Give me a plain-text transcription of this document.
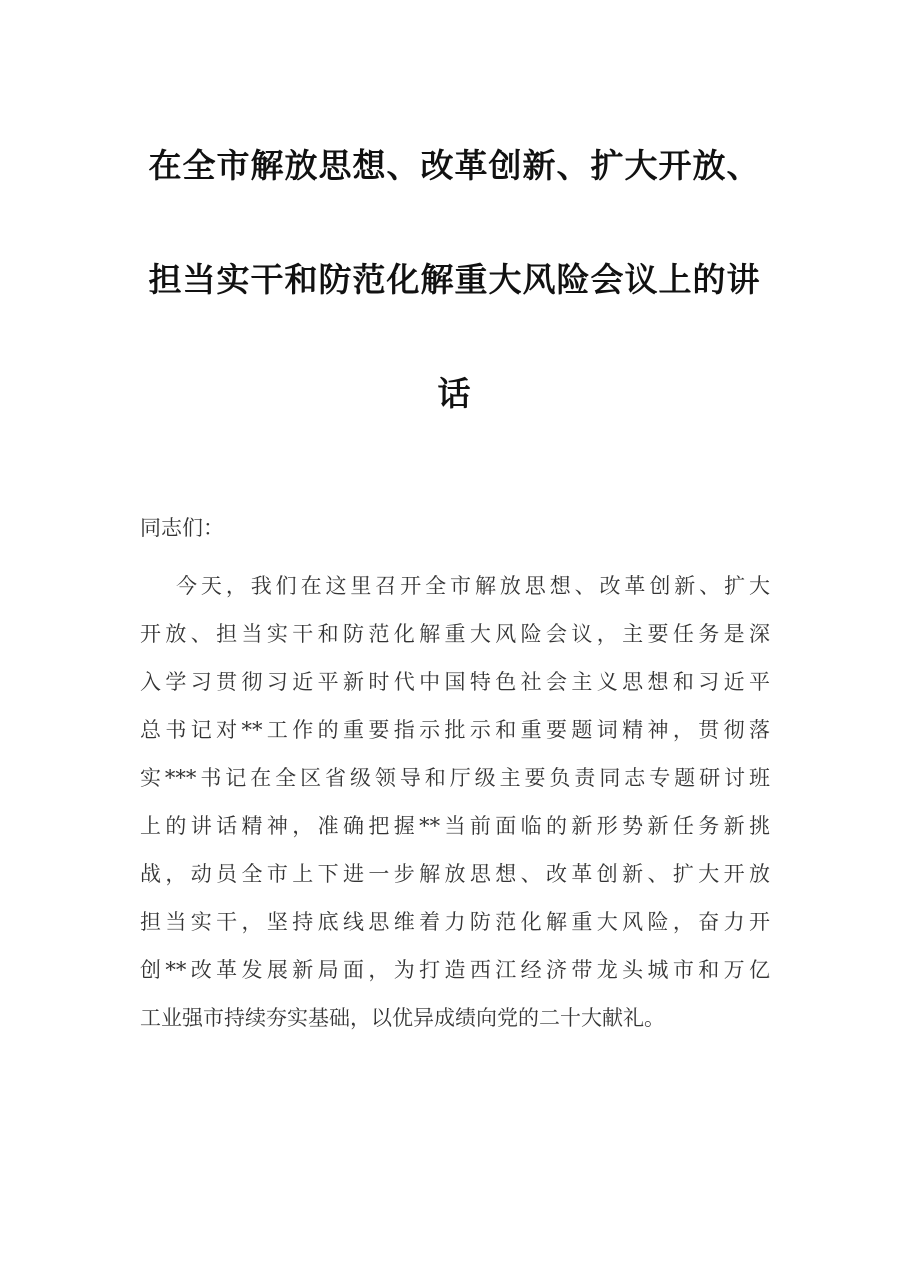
在全市解放思想、改革创新、扩大开放、
担当实干和防范化解重大风险会议上的讲
话
同志们：
今天，我们在这里召开全市解放思想、改革创新、扩大
开放、担当实干和防范化解重大风险会议，主要任务是深
入学习贯彻习近平新时代中国特色社会主义思想和习近平
总书记对**工作的重要指示批示和重要题词精神，贯彻落
实***书记在全区省级领导和厅级主要负责同志专题研讨班
上的讲话精神，准确把握**当前面临的新形势新任务新挑
战，动员全市上下进一步解放思想、改革创新、扩大开放
担当实干，坚持底线思维着力防范化解重大风险，奋力开
创**改革发展新局面，为打造西江经济带龙头城市和万亿
工业强市持续夯实基础，以优异成绩向党的二十大献礼。
